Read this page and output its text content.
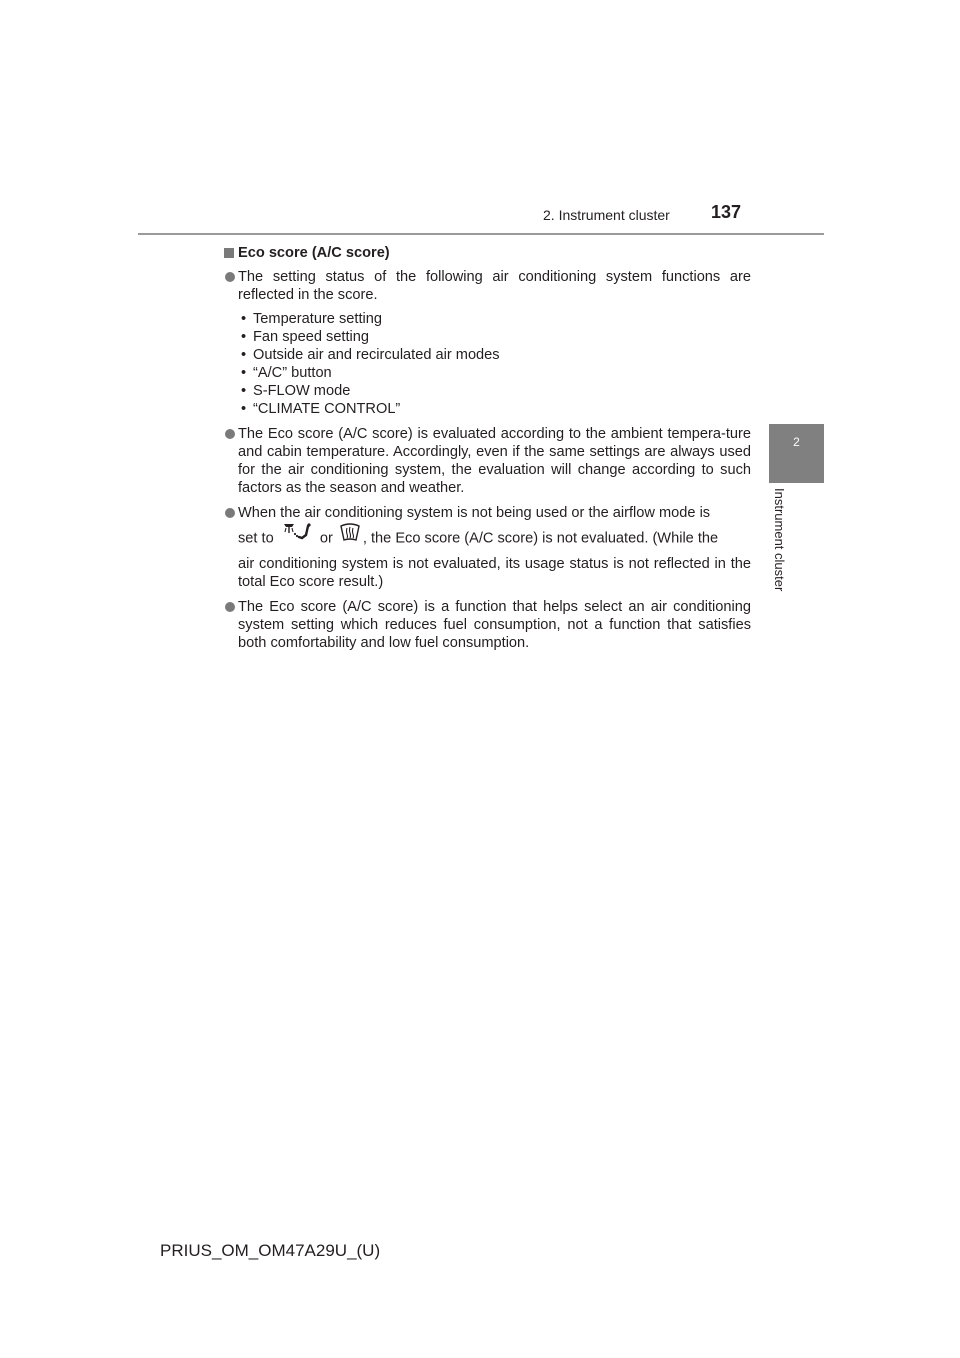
2. Instrument cluster 137
2
Instrument cluster
Eco score (A/C score)
The setting status of the following air conditioning system functions are reflected in the score.
• Temperature setting
• Fan speed setting
• Outside air and recirculated air modes
• “A/C” button
• S-FLOW mode
• “CLIMATE CONTROL”
The Eco score (A/C score) is evaluated according to the ambient tempera-ture and cabin temperature. Accordingly, even if the same settings are always used for the air conditioning system, the evaluation will change according to such factors as the season and weather.
When the air conditioning system is not being used or the airflow mode is
set to	or , the Eco score (A/C score) is not evaluated. (While the
air conditioning system is not evaluated, its usage status is not reflected in the total Eco score result.)
The Eco score (A/C score) is a function that helps select an air conditioning system setting which reduces fuel consumption, not a function that satisfies both comfortability and low fuel consumption.
PRIUS_OM_OM47A29U_(U)
